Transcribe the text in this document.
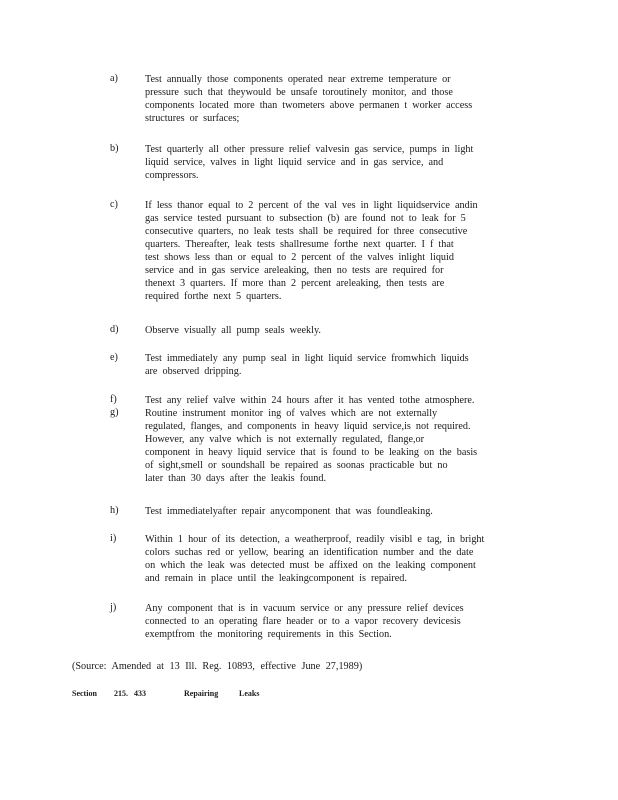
a)	Test annually those components operated near extreme temperature or
pressure such that theywould be unsafe toroutinely monitor, and those
components located more than twometers above permanen t worker access
structures or surfaces;
b)	Test quarterly all other pressure relief valvesin gas service, pumps in light
liquid service, valves in light liquid service and in gas service, and
compressors.
c)	If less thanor equal to 2 percent of the val ves in light liquidservice andin
gas service tested pursuant to subsection (b) are found not to leak for 5
consecutive quarters, no leak tests shall be required for three consecutive
quarters. Thereafter, leak tests shallresume forthe next quarter. I f that
test shows less than or equal to 2 percent of the valves inlight liquid
service and in gas service areleaking, then no tests are required for
thenext 3 quarters. If more than 2 percent areleaking, then tests are
required forthe next 5 quarters.
d)	Observe visually all pump seals weekly.
e)	Test immediately any pump seal in light liquid service fromwhich liquids
are observed dripping.
f)	Test any relief valve within 24 hours after it has vented tothe atmosphere.
g)	Routine instrument monitor ing of valves which are not externally
regulated, flanges, and components in heavy liquid service,is not required.
However, any valve which is not externally regulated, flange,or
component in heavy liquid service that is found to be leaking on the basis
of sight,smell or soundshall be repaired as soonas practicable but no
later than 30 days after the leakis found.
h)	Test immediatelyafter repair anycomponent that was foundleaking.
i)	Within 1 hour of its detection, a weatherproof, readily visibl e tag, in bright
colors suchas red or yellow, bearing an identification number and the date
on which the leak was detected must be affixed on the leaking component
and remain in place until the leakingcomponent is repaired.
j)	Any component that is in vacuum service or any pressure relief devices
connected to an operating flare header or to a vapor recovery devicesis
exemptfrom the monitoring requirements in this Section.
(Source: Amended at 13 Ill. Reg. 10893, effective June 27,1989)
Section 215. 433	Repairing	Leaks
